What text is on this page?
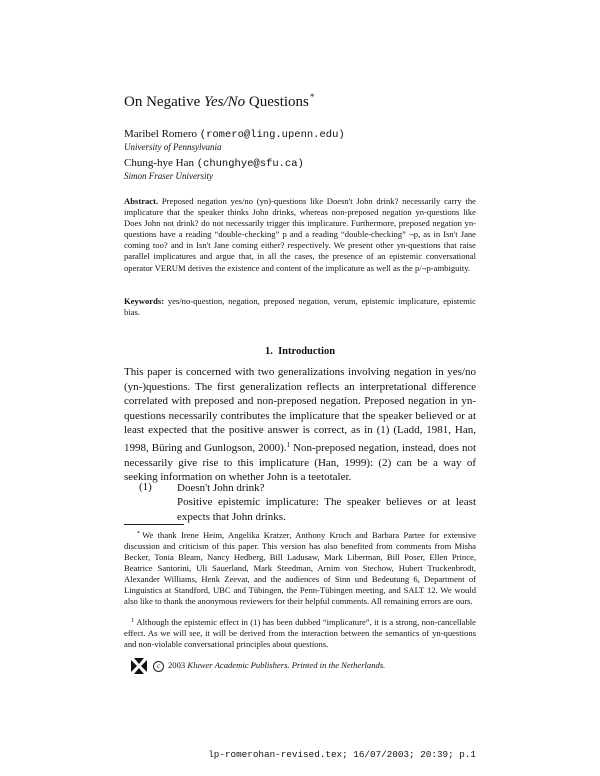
On Negative Yes/No Questions*
Maribel Romero (romero@ling.upenn.edu)
University of Pennsylvania
Chung-hye Han (chunghye@sfu.ca)
Simon Fraser University
Abstract. Preposed negation yes/no (yn)-questions like Doesn't John drink? necessarily carry the implicature that the speaker thinks John drinks, whereas non-preposed negation yn-questions like Does John not drink? do not necessarily trigger this implicature. Furthermore, preposed negation yn-questions have a reading “double-checking” p and a reading “double-checking” ¬p, as in Isn't Jane coming too? and in Isn't Jane coming either? respectively. We present other yn-questions that raise parallel implicatures and argue that, in all the cases, the presence of an epistemic conversational operator VERUM derives the existence and content of the implicature as well as the p/¬p-ambiguity.
Keywords: yes/no-question, negation, preposed negation, verum, epistemic implicature, epistemic bias.
1. Introduction
This paper is concerned with two generalizations involving negation in yes/no (yn-)questions. The first generalization reflects an interpretational difference correlated with preposed and non-preposed negation. Preposed negation in yn-questions necessarily contributes the implicature that the speaker believed or at least expected that the positive answer is correct, as in (1) (Ladd, 1981, Han, 1998, Büring and Gunlogson, 2000).$^1$ Non-preposed negation, instead, does not necessarily give rise to this implicature (Han, 1999): (2) can be a way of seeking information on whether John is a teetotaler.
(1) Doesn't John drink?
Positive epistemic implicature: The speaker believes or at least expects that John drinks.
* We thank Irene Heim, Angelika Kratzer, Anthony Kroch and Barbara Partee for extensive discussion and criticism of this paper. This version has also benefited from comments from Misha Becker, Tonia Bleam, Nancy Hedberg, Bill Ladusaw, Mark Liberman, Bill Poser, Ellen Prince, Beatrice Santorini, Uli Sauerland, Mark Steedman, Arnim von Stechow, Hubert Truckenbrodt, Alexander Williams, Henk Zeevat, and the audiences of Sinn und Bedeutung 6, Department of Linguistics at Standford, UBC and Tübingen, the Penn-Tübingen meeting, and SALT 12. We would also like to thank the anonymous reviewers for their helpful comments. All remaining errors are ours.
$^1$ Although the epistemic effect in (1) has been dubbed “implicature”, it is a strong, non-cancellable effect. As we will see, it will be derived from the interaction between the semantics of yn-questions and non-violable conversational principles about questions.
c 2003 Kluwer Academic Publishers. Printed in the Netherlands.
lp-romerohan-revised.tex; 16/07/2003; 20:39; p.1
